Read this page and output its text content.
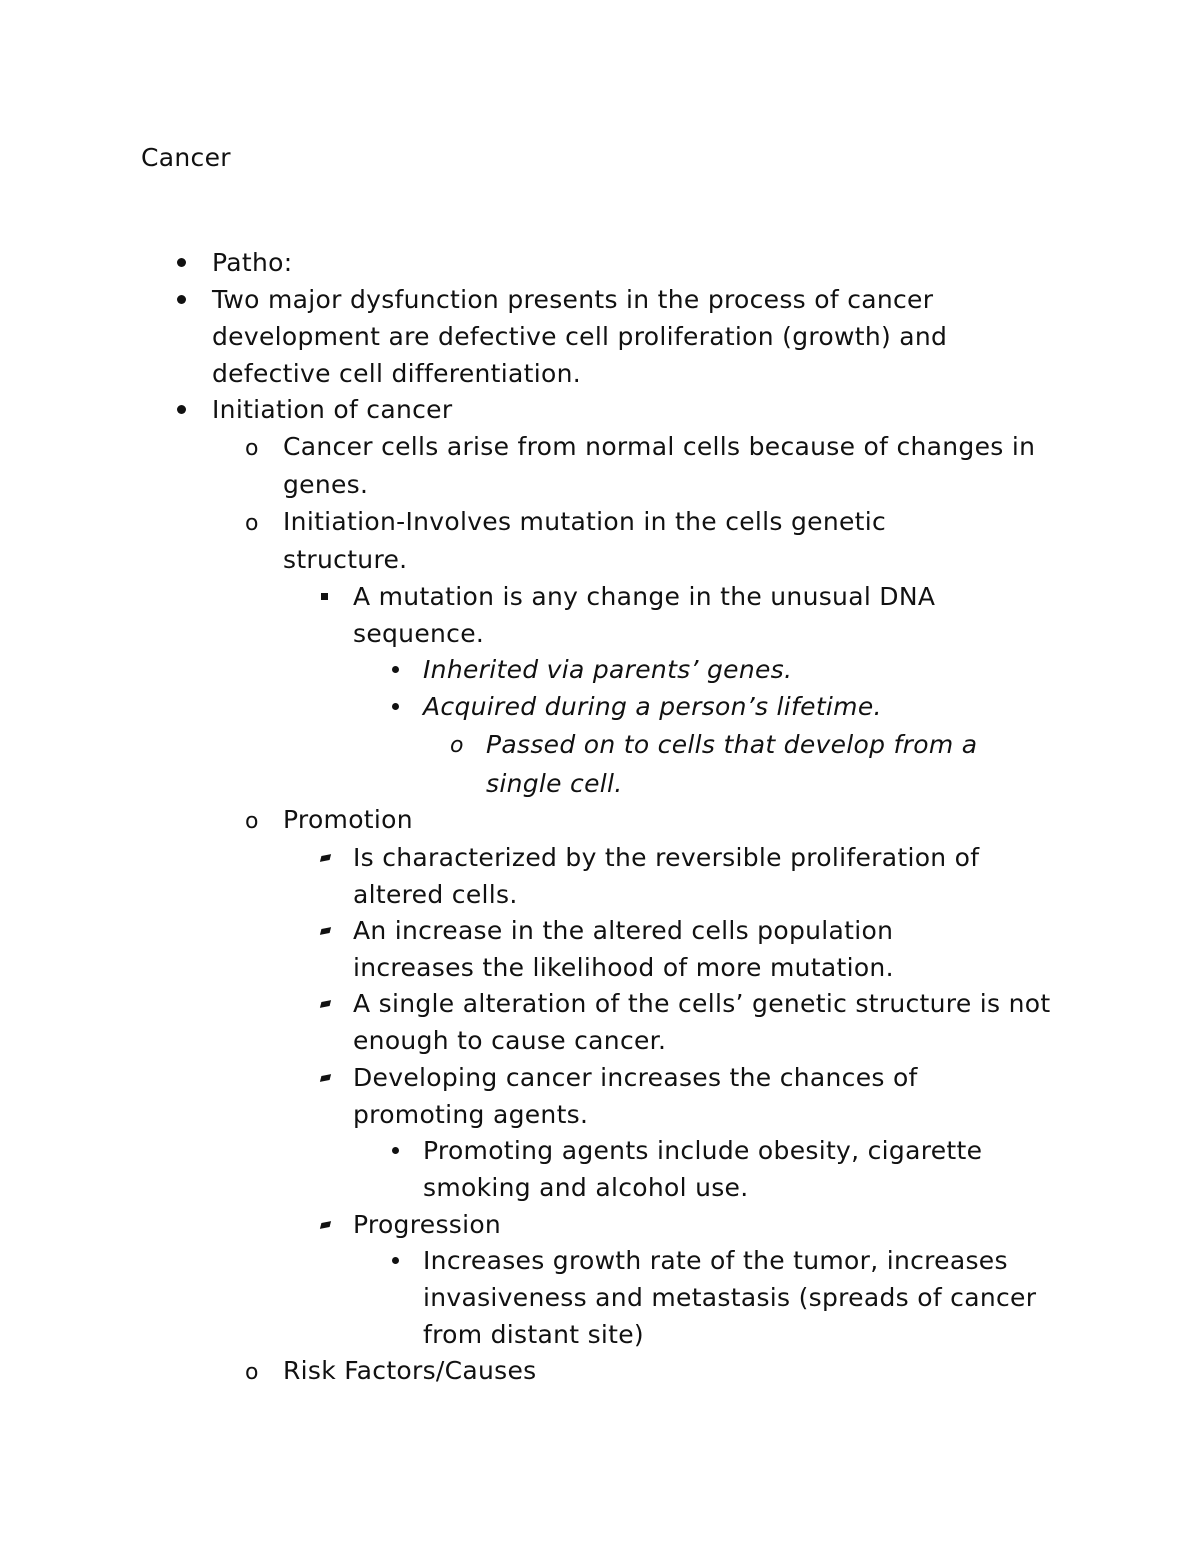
Cancer
Patho:
Two major dysfunction presents in the process of cancer development are defective cell proliferation (growth) and defective cell differentiation.
Initiation of cancer
o Cancer cells arise from normal cells because of changes in genes.
o Initiation-Involves mutation in the cells genetic structure.
A mutation is any change in the unusual DNA sequence.
Inherited via parents’ genes.
Acquired during a person’s lifetime.
o Passed on to cells that develop from a single cell.
o Promotion
Is characterized by the reversible proliferation of altered cells.
An increase in the altered cells population increases the likelihood of more mutation.
A single alteration of the cells’ genetic structure is not enough to cause cancer.
Developing cancer increases the chances of promoting agents.
Promoting agents include obesity, cigarette smoking and alcohol use.
Progression
Increases growth rate of the tumor, increases invasiveness and metastasis (spreads of cancer from distant site)
o Risk Factors/Causes
